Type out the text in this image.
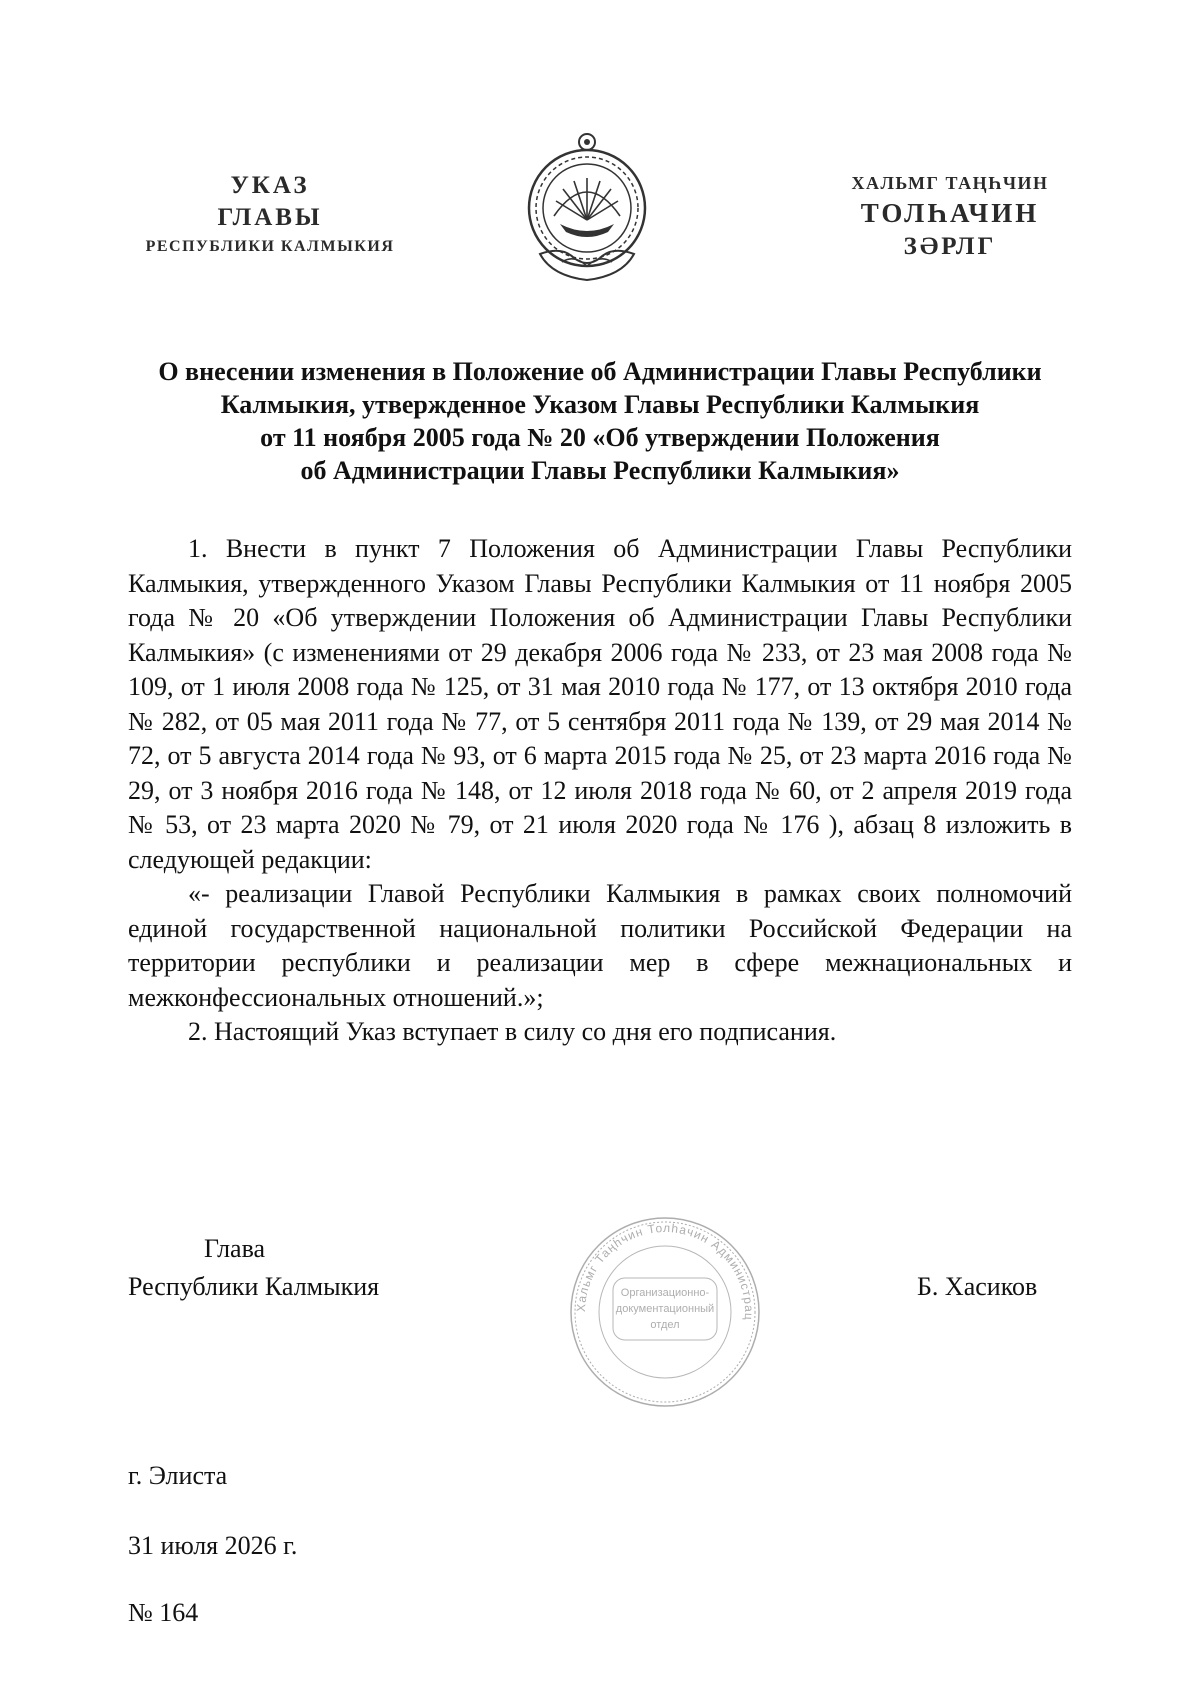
УКАЗ
ГЛАВЫ
РЕСПУБЛИКИ КАЛМЫКИЯ
ХАЛЬМГ ТАҢҺЧИН
ТОЛҺАЧИН
ЗӘРЛГ
О внесении изменения в Положение об Администрации Главы Республики
Калмыкия, утвержденное Указом Главы Республики Калмыкия
от 11 ноября 2005 года № 20 «Об утверждении Положения
об Администрации Главы Республики Калмыкия»

1. Внести в пункт 7 Положения об Администрации Главы Республики Калмыкия, утвержденного Указом Главы Республики Калмыкия от 11 ноября 2005 года № 20 «Об утверждении Положения об Администрации Главы Республики Калмыкия» (с изменениями от 29 декабря 2006 года № 233, от 23 мая 2008 года № 109, от 1 июля 2008 года № 125, от 31 мая 2010 года № 177, от 13 октября 2010 года № 282, от 05 мая 2011 года № 77, от 5 сентября 2011 года № 139, от 29 мая 2014 № 72, от 5 августа 2014 года № 93, от 6 марта 2015 года № 25, от 23 марта 2016 года № 29, от 3 ноября 2016 года № 148, от 12 июля 2018 года № 60, от 2 апреля 2019 года № 53, от 23 марта 2020 № 79, от 21 июля 2020 года № 176 ), абзац 8 изложить в следующей редакции:

«- реализации Главой Республики Калмыкия в рамках своих полномочий единой государственной национальной политики Российской Федерации на территории республики и реализации мер в сфере межнациональных и межконфессиональных отношений.»;

2. Настоящий Указ вступает в силу со дня его подписания.

Глава
Республики Калмыкия
Хальмг Таңһчин Толһачин Администрац
Организационно-
документационный
отдел
Б. Хасиков
г. Элиста
31 июля 2026 г.
№ 164
